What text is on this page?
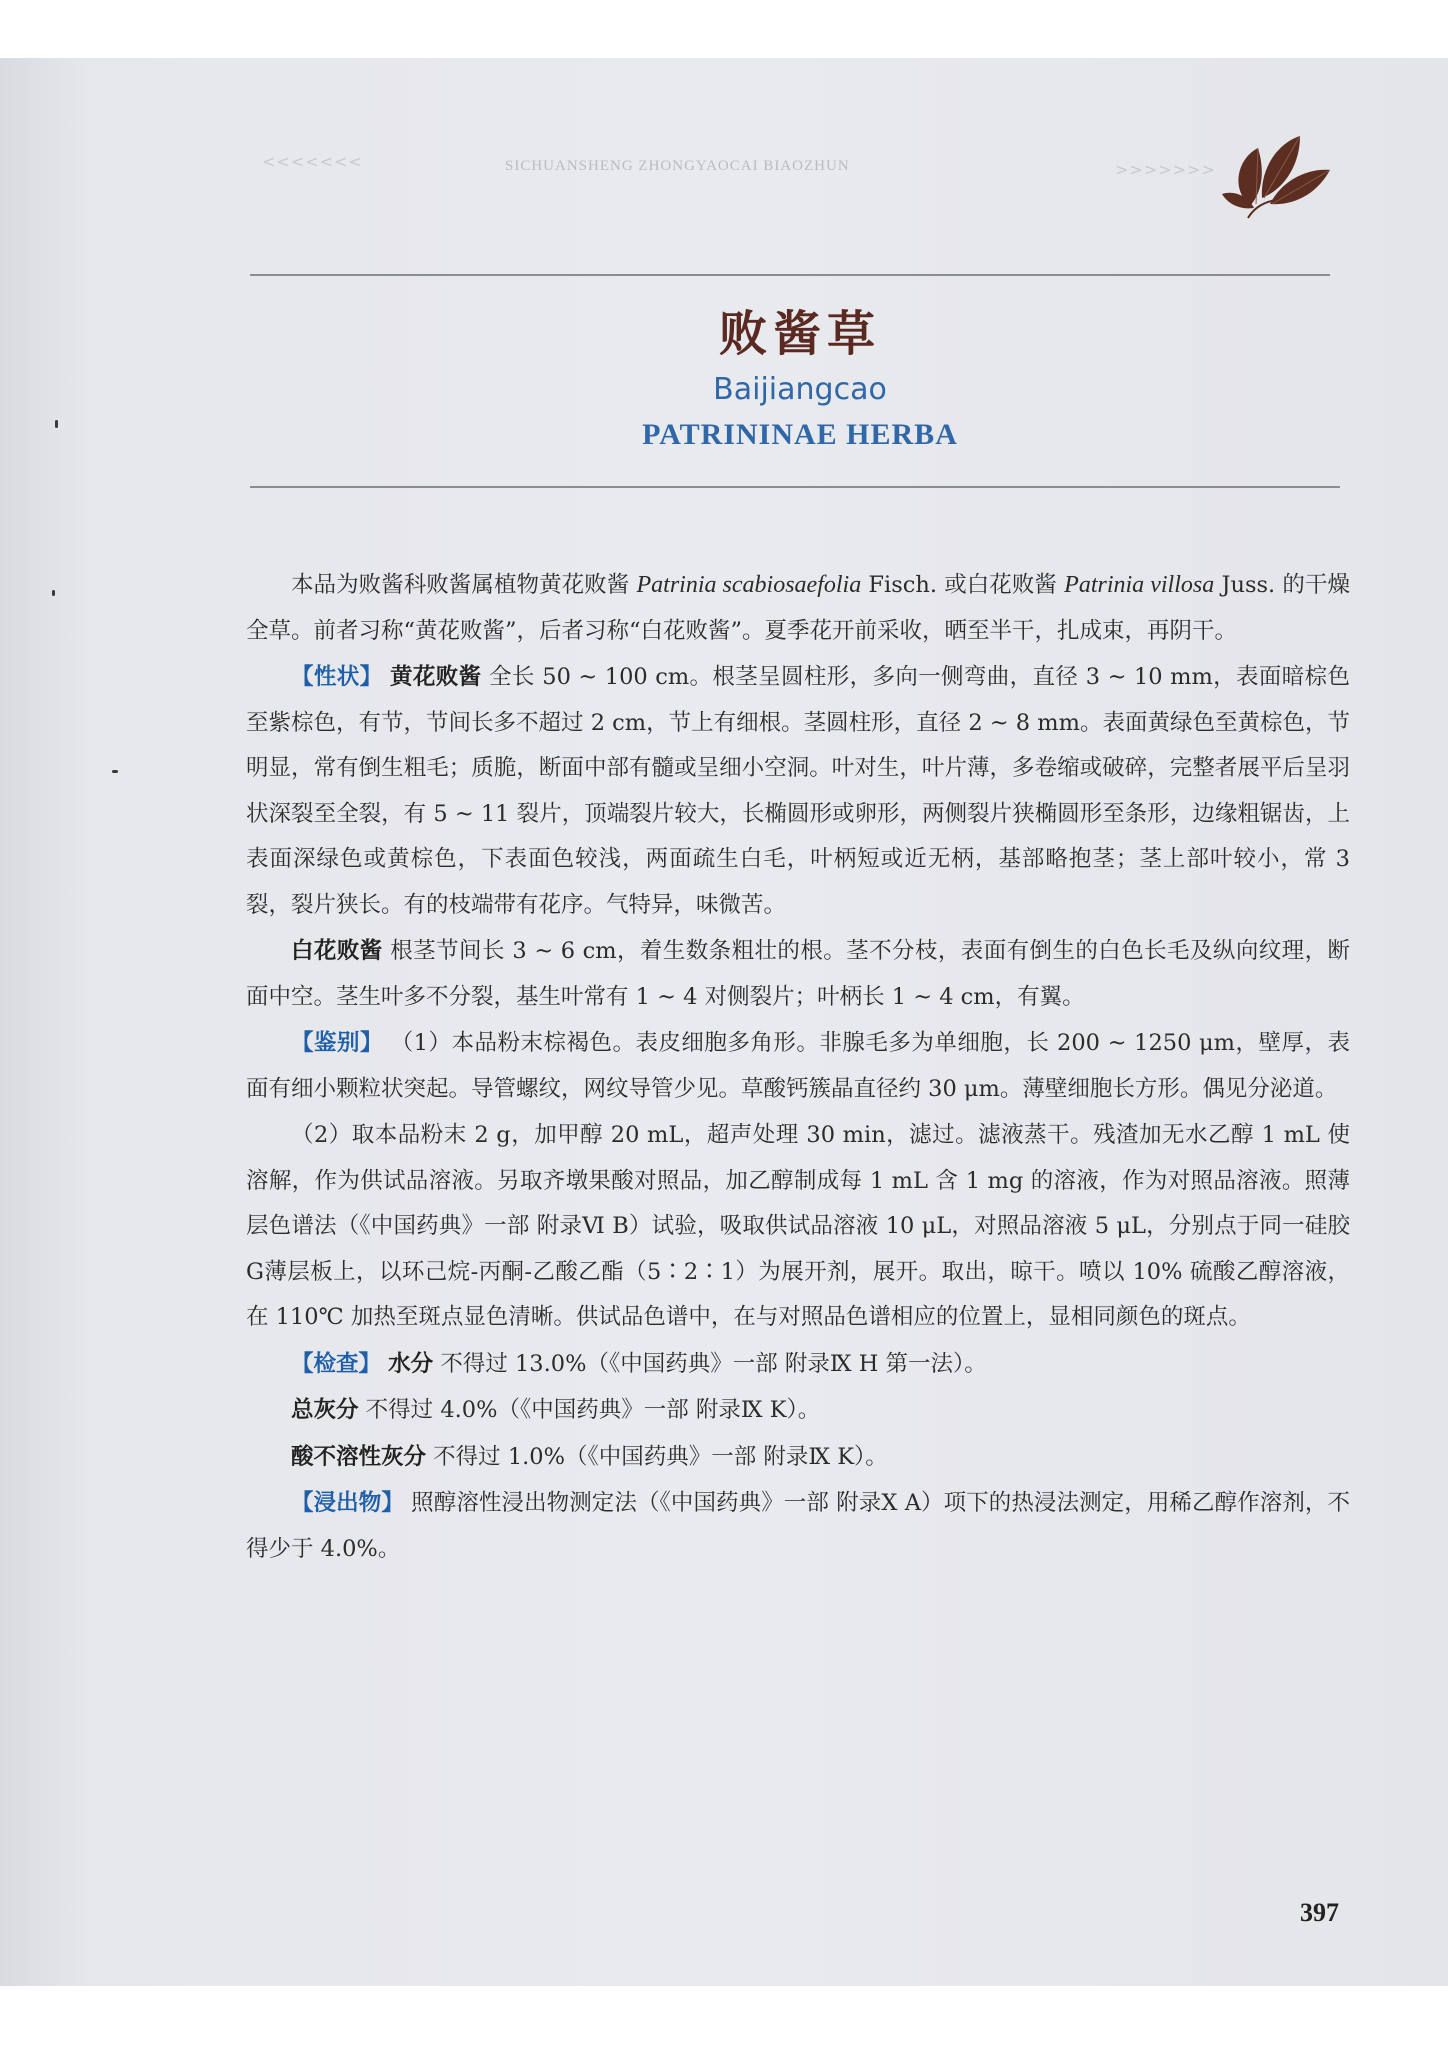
<<<<<<<	SICHUANSHENG ZHONGYAOCAI BIAOZHUN	>>>>>>>
败酱草
Baijiangcao
PATRININAE HERBA

本品为败酱科败酱属植物黄花败酱 Patrinia scabiosaefolia Fisch. 或白花败酱 Patrinia villosa Juss. 的干燥全草。前者习称“黄花败酱”，后者习称“白花败酱”。夏季花开前采收，晒至半干，扎成束，再阴干。

【性状】 黄花败酱 全长 50 ~ 100 cm。根茎呈圆柱形，多向一侧弯曲，直径 3 ~ 10 mm，表面暗棕色至紫棕色，有节，节间长多不超过 2 cm，节上有细根。茎圆柱形，直径 2 ~ 8 mm。表面黄绿色至黄棕色，节明显，常有倒生粗毛；质脆，断面中部有髓或呈细小空洞。叶对生，叶片薄，多卷缩或破碎，完整者展平后呈羽状深裂至全裂，有 5 ~ 11 裂片，顶端裂片较大，长椭圆形或卵形，两侧裂片狭椭圆形至条形，边缘粗锯齿，上表面深绿色或黄棕色，下表面色较浅，两面疏生白毛，叶柄短或近无柄，基部略抱茎；茎上部叶较小，常 3 裂，裂片狭长。有的枝端带有花序。气特异，味微苦。

白花败酱 根茎节间长 3 ~ 6 cm，着生数条粗壮的根。茎不分枝，表面有倒生的白色长毛及纵向纹理，断面中空。茎生叶多不分裂，基生叶常有 1 ~ 4 对侧裂片；叶柄长 1 ~ 4 cm，有翼。

【鉴别】 （1）本品粉末棕褐色。表皮细胞多角形。非腺毛多为单细胞，长 200 ~ 1250 μm，壁厚，表面有细小颗粒状突起。导管螺纹，网纹导管少见。草酸钙簇晶直径约 30 μm。薄壁细胞长方形。偶见分泌道。

（2）取本品粉末 2 g，加甲醇 20 mL，超声处理 30 min，滤过。滤液蒸干。残渣加无水乙醇 1 mL 使溶解，作为供试品溶液。另取齐墩果酸对照品，加乙醇制成每 1 mL 含 1 mg 的溶液，作为对照品溶液。照薄层色谱法（《中国药典》一部 附录Ⅵ B）试验，吸取供试品溶液 10 μL，对照品溶液 5 μL，分别点于同一硅胶G薄层板上，以环己烷-丙酮-乙酸乙酯（5∶2∶1）为展开剂，展开。取出，晾干。喷以 10% 硫酸乙醇溶液，在 110℃ 加热至斑点显色清晰。供试品色谱中，在与对照品色谱相应的位置上，显相同颜色的斑点。

【检查】 水分 不得过 13.0%（《中国药典》一部 附录Ⅸ H 第一法）。

总灰分 不得过 4.0%（《中国药典》一部 附录Ⅸ K）。

酸不溶性灰分 不得过 1.0%（《中国药典》一部 附录Ⅸ K）。

【浸出物】 照醇溶性浸出物测定法（《中国药典》一部 附录Ⅹ A）项下的热浸法测定，用稀乙醇作溶剂，不得少于 4.0%。

397
